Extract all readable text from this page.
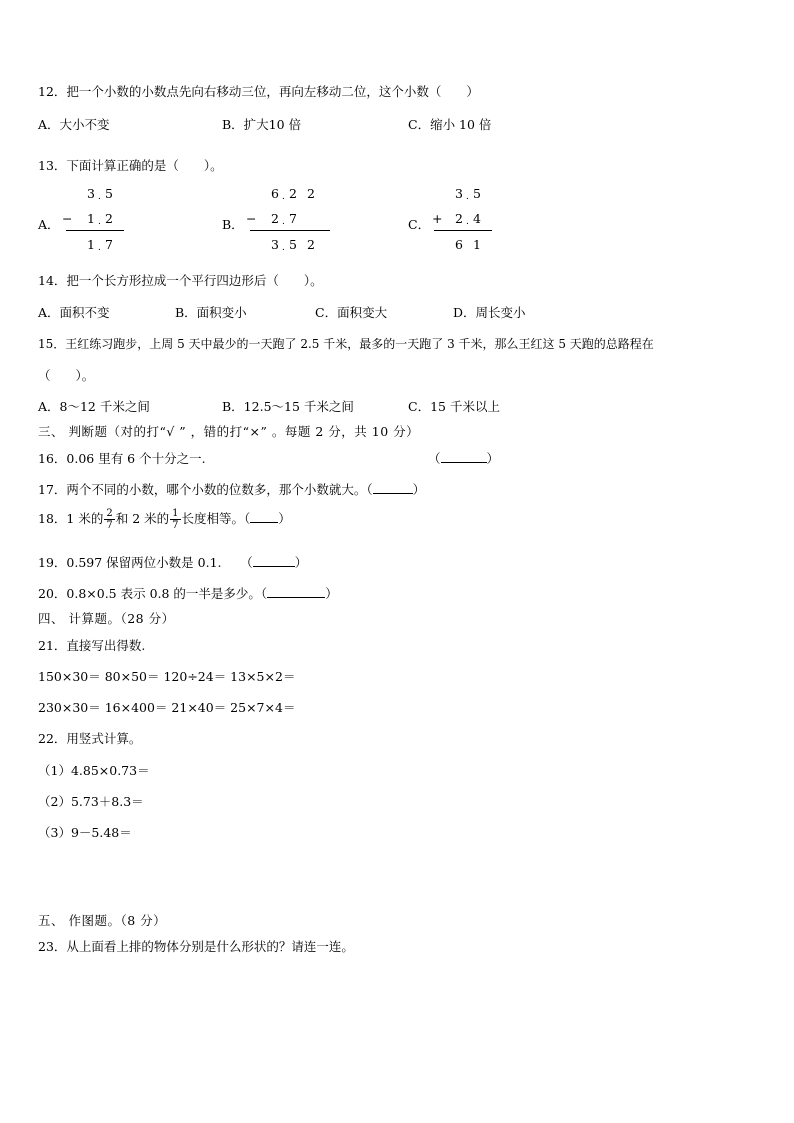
12．把一个小数的小数点先向右移动三位，再向左移动二位，这个小数（　　）
A．大小不变	B．扩大10 倍	C．缩小 10 倍
13．下面计算正确的是（　　）。
A．
3 5
.
−	1 2
.
1 7
.
B．
6 2 2
.
−	2 7
.
3 5 2
.
C．
3 5
.
+	2 4
.
6 1
14．把一个长方形拉成一个平行四边形后（　　）。
A．面积不变	B．面积变小	C．面积变大	D．周长变小
15．王红练习跑步，上周 5 天中最少的一天跑了 2.5 千米，最多的一天跑了 3 千米，那么王红这 5 天跑的总路程在
（　　）。
A．8～12 千米之间	B．12.5～15 千米之间	C．15 千米以上
三、 判断题（对的打“√ ” ，错的打“×” 。每题 2 分，共 10 分）
16．0.06 里有 6 个十分之一.	（	）
17．两个不同的小数，哪个小数的位数多，那个小数就大。（	）
18．1 米的 $\frac{2}{7}$ 和 2 米的 $\frac{1}{7}$ 长度相等。（ ）
19．0.597 保留两位小数是 0.1.　　（	）
20．0.8×0.5 表示 0.8 的一半是多少。（	）
四、 计算题。（28 分）
21．直接写出得数.
150×30＝ 80×50＝ 120÷24＝ 13×5×2＝
230×30＝ 16×400＝ 21×40＝ 25×7×4＝
22．用竖式计算。
（1）4.85×0.73＝
（2）5.73＋8.3＝
（3）9－5.48＝
五、 作图题。（8 分）
23．从上面看上排的物体分别是什么形状的？请连一连。
